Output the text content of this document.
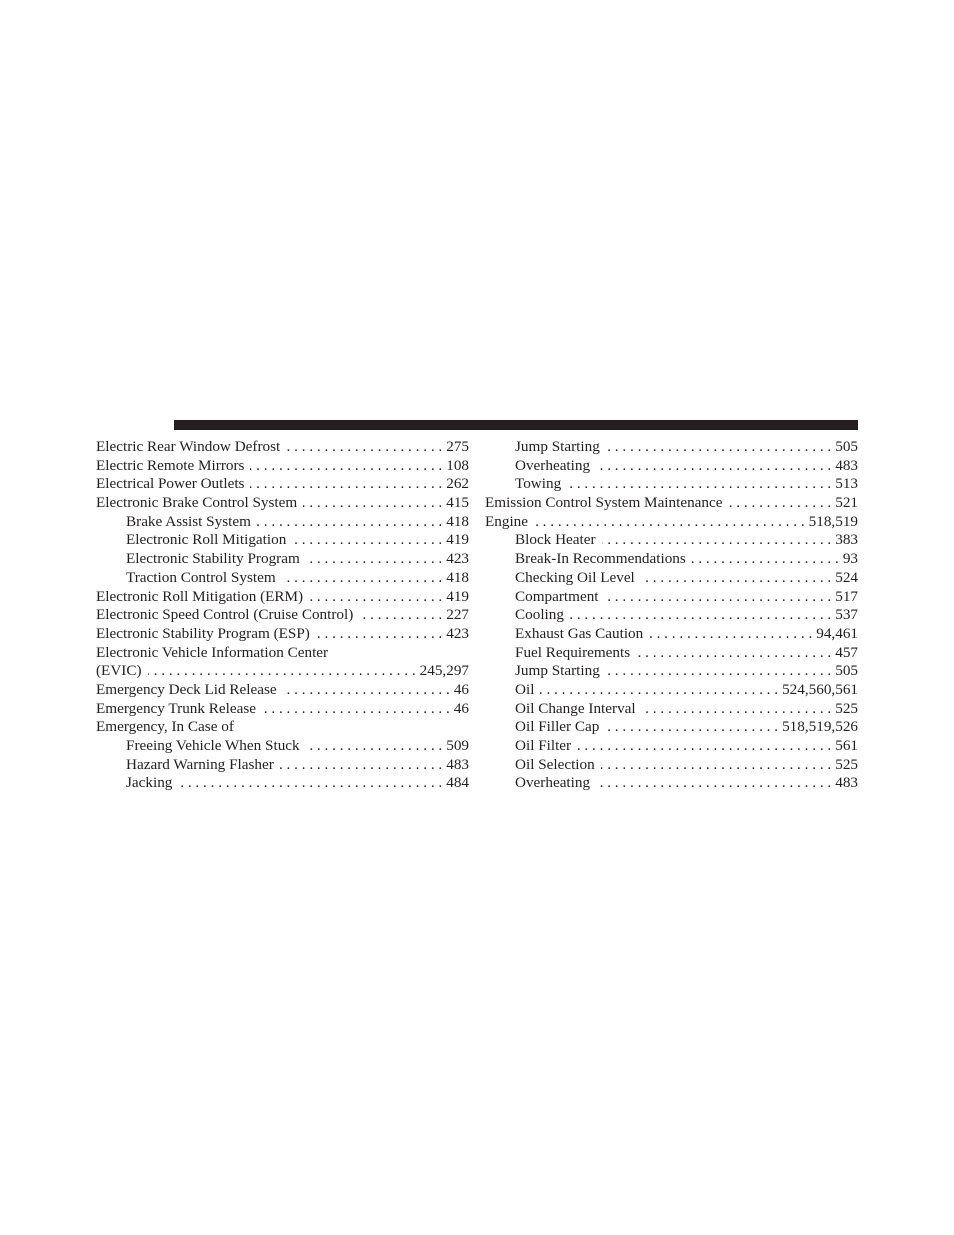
Electric Rear Window Defrost . . .	275
Electric Remote Mirrors . . .	108
Electrical Power Outlets . . .	262
Electronic Brake Control System . . .	415
Brake Assist System . . .	418
Electronic Roll Mitigation . . .	419
Electronic Stability Program . . .	423
Traction Control System . . .	418
Electronic Roll Mitigation (ERM) . . .	419
Electronic Speed Control (Cruise Control) . . .	227
Electronic Stability Program (ESP) . . .	423
Electronic Vehicle Information Center
(EVIC) . . .	245,297
Emergency Deck Lid Release . . .	46
Emergency Trunk Release . . .	46
Emergency, In Case of
Freeing Vehicle When Stuck . . .	509
Hazard Warning Flasher . . .	483
Jacking . . .	484
Jump Starting . . .	505
Overheating . . .	483
Towing . . .	513
Emission Control System Maintenance . . .	521
Engine . . .	518,519
Block Heater . . .	383
Break-In Recommendations . . .	93
Checking Oil Level . . .	524
Compartment . . .	517
Cooling . . .	537
Exhaust Gas Caution . . .	94,461
Fuel Requirements . . .	457
Jump Starting . . .	505
Oil . . .	524,560,561
Oil Change Interval . . .	525
Oil Filler Cap . . .	518,519,526
Oil Filter . . .	561
Oil Selection . . .	525
Overheating . . .	483
